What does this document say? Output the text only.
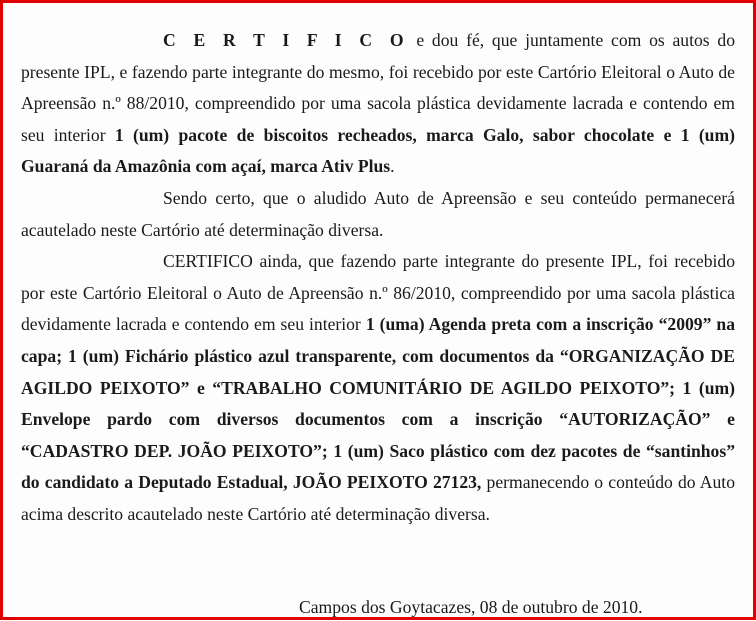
C E R T I F I C O e dou fé, que juntamente com os autos do presente IPL, e fazendo parte integrante do mesmo, foi recebido por este Cartório Eleitoral o Auto de Apreensão n.º 88/2010, compreendido por uma sacola plástica devidamente lacrada e contendo em seu interior 1 (um) pacote de biscoitos recheados, marca Galo, sabor chocolate e 1 (um) Guaraná da Amazônia com açaí, marca Ativ Plus.

Sendo certo, que o aludido Auto de Apreensão e seu conteúdo permanecerá acautelado neste Cartório até determinação diversa.

CERTIFICO ainda, que fazendo parte integrante do presente IPL, foi recebido por este Cartório Eleitoral o Auto de Apreensão n.º 86/2010, compreendido por uma sacola plástica devidamente lacrada e contendo em seu interior 1 (uma) Agenda preta com a inscrição “2009” na capa; 1 (um) Fichário plástico azul transparente, com documentos da “ORGANIZAÇÃO DE AGILDO PEIXOTO” e “TRABALHO COMUNITÁRIO DE AGILDO PEIXOTO”; 1 (um) Envelope pardo com diversos documentos com a inscrição “AUTORIZAÇÃO” e “CADASTRO DEP. JOÃO PEIXOTO”; 1 (um) Saco plástico com dez pacotes de “santinhos” do candidato a Deputado Estadual, JOÃO PEIXOTO 27123, permanecendo o conteúdo do Auto acima descrito acautelado neste Cartório até determinação diversa.

Campos dos Goytacazes, 08 de outubro de 2010.
